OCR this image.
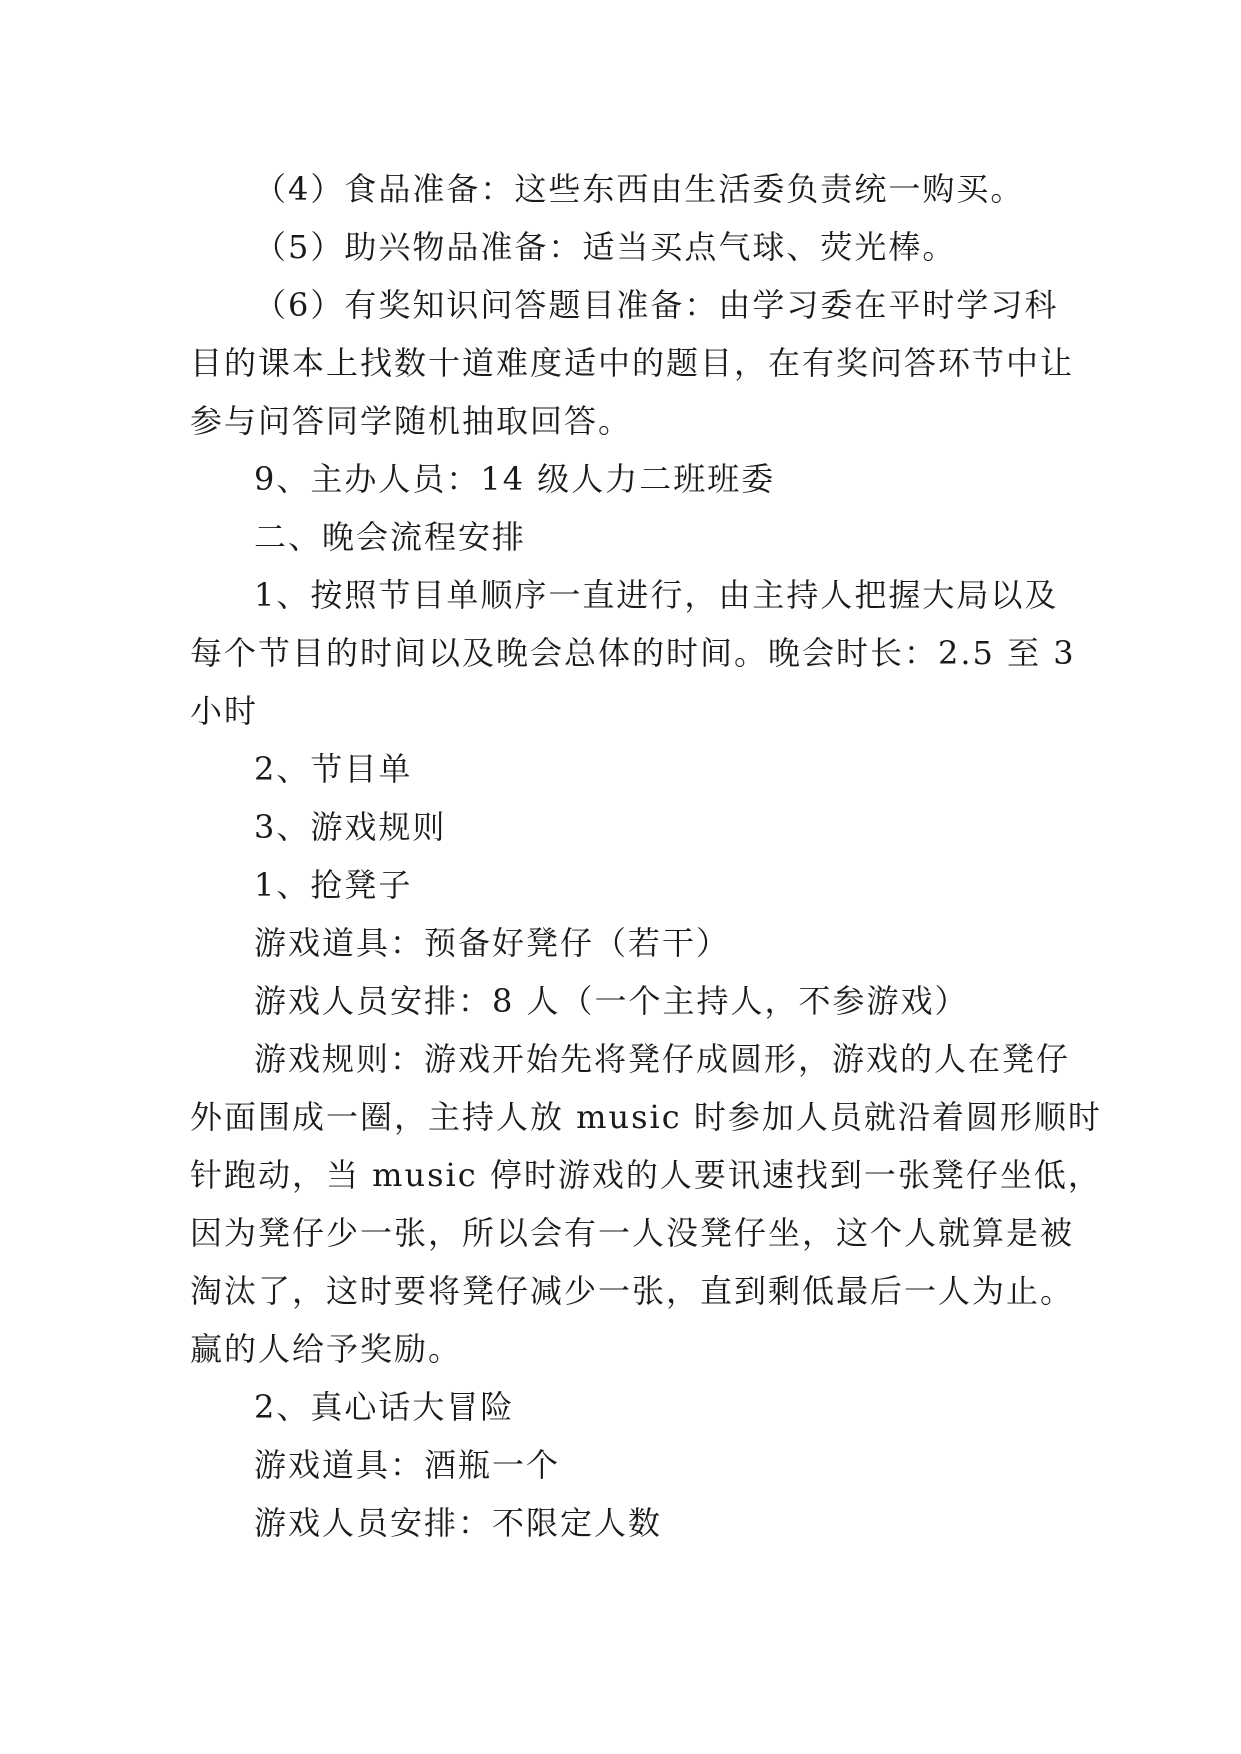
（4）食品准备：这些东西由生活委负责统一购买。
（5）助兴物品准备：适当买点气球、荧光棒。
（6）有奖知识问答题目准备：由学习委在平时学习科
目的课本上找数十道难度适中的题目，在有奖问答环节中让
参与问答同学随机抽取回答。
9、主办人员：14 级人力二班班委
二、晚会流程安排
1、按照节目单顺序一直进行，由主持人把握大局以及
每个节目的时间以及晚会总体的时间。晚会时长：2.5 至 3
小时
2、节目单
3、游戏规则
1、抢凳子
游戏道具：预备好凳仔（若干）
游戏人员安排：8 人（一个主持人，不参游戏）
游戏规则：游戏开始先将凳仔成圆形，游戏的人在凳仔
外面围成一圈，主持人放 music 时参加人员就沿着圆形顺时
针跑动，当 music 停时游戏的人要讯速找到一张凳仔坐低，
因为凳仔少一张，所以会有一人没凳仔坐，这个人就算是被
淘汰了，这时要将凳仔减少一张，直到剩低最后一人为止。
赢的人给予奖励。
2、真心话大冒险
游戏道具：酒瓶一个
游戏人员安排：不限定人数
